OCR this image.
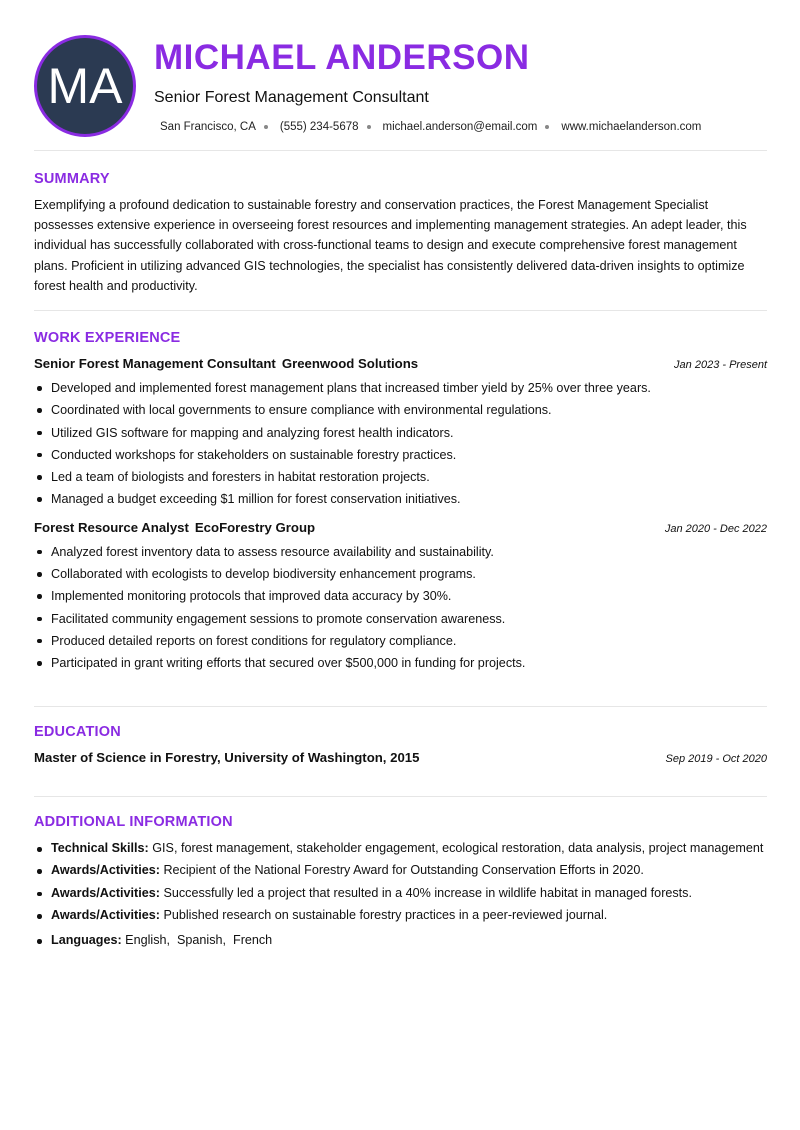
MA
MICHAEL ANDERSON
Senior Forest Management Consultant
San Francisco, CA (555) 234-5678 michael.anderson@email.com www.michaelanderson.com
SUMMARY

Exemplifying a profound dedication to sustainable forestry and conservation practices, the Forest Management Specialist possesses extensive experience in overseeing forest resources and implementing management strategies. An adept leader, this individual has successfully collaborated with cross-functional teams to design and execute comprehensive forest management plans. Proficient in utilizing advanced GIS technologies, the specialist has consistently delivered data-driven insights to optimize forest health and productivity.

WORK EXPERIENCE
Senior Forest Management Consultant Greenwood Solutions	Jan 2023 - Present
Developed and implemented forest management plans that increased timber yield by 25% over three years.
Coordinated with local governments to ensure compliance with environmental regulations.
Utilized GIS software for mapping and analyzing forest health indicators.
Conducted workshops for stakeholders on sustainable forestry practices.
Led a team of biologists and foresters in habitat restoration projects.
Managed a budget exceeding $1 million for forest conservation initiatives.
Forest Resource Analyst EcoForestry Group	Jan 2020 - Dec 2022
Analyzed forest inventory data to assess resource availability and sustainability.
Collaborated with ecologists to develop biodiversity enhancement programs.
Implemented monitoring protocols that improved data accuracy by 30%.
Facilitated community engagement sessions to promote conservation awareness.
Produced detailed reports on forest conditions for regulatory compliance.
Participated in grant writing efforts that secured over $500,000 in funding for projects.
EDUCATION
Master of Science in Forestry, University of Washington, 2015	Sep 2019 - Oct 2020
ADDITIONAL INFORMATION
Technical Skills: GIS, forest management, stakeholder engagement, ecological restoration, data analysis, project management
Awards/Activities: Recipient of the National Forestry Award for Outstanding Conservation Efforts in 2020.
Awards/Activities: Successfully led a project that resulted in a 40% increase in wildlife habitat in managed forests.
Awards/Activities: Published research on sustainable forestry practices in a peer-reviewed journal.
Languages: English,  Spanish,  French
